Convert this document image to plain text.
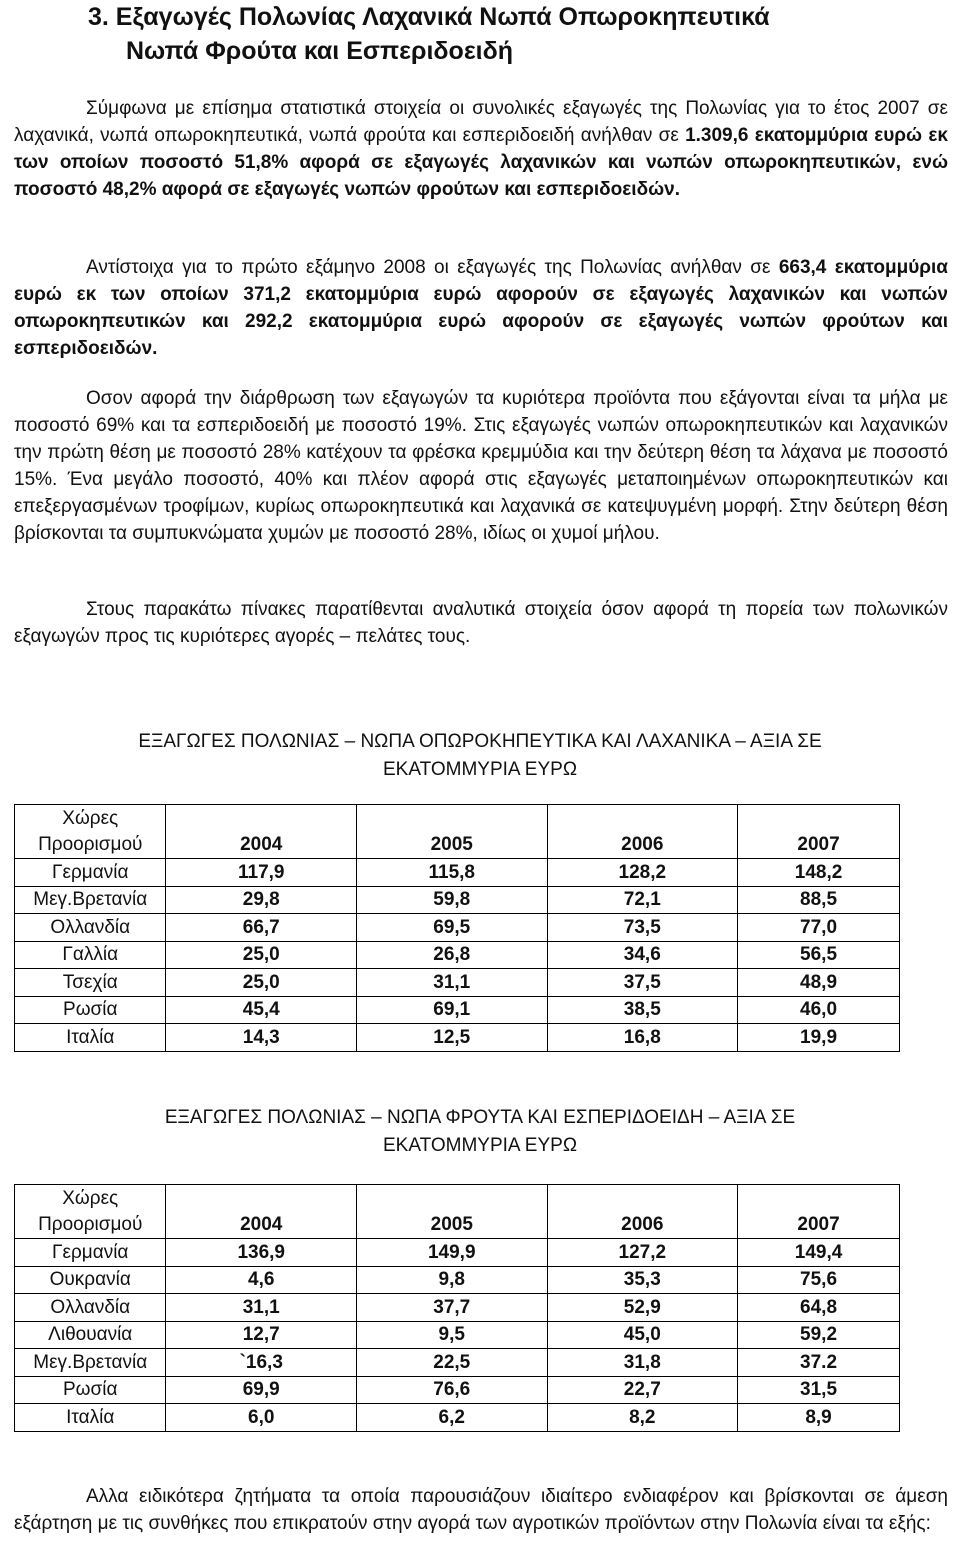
3. Εξαγωγές Πολωνίας Λαχανικά Νωπά Οπωροκηπευτικά
Νωπά Φρούτα και Εσπεριδοειδή
Σύμφωνα με επίσημα στατιστικά στοιχεία οι συνολικές εξαγωγές της Πολωνίας για το έτος 2007 σε λαχανικά, νωπά οπωροκηπευτικά, νωπά φρούτα και εσπεριδοειδή ανήλθαν σε 1.309,6 εκατομμύρια ευρώ εκ των οποίων ποσοστό 51,8% αφορά σε εξαγωγές λαχανικών και νωπών οπωροκηπευτικών, ενώ ποσοστό 48,2% αφορά σε εξαγωγές νωπών φρούτων και εσπεριδοειδών.
Αντίστοιχα για το πρώτο εξάμηνο 2008 οι εξαγωγές της Πολωνίας ανήλθαν σε 663,4 εκατομμύρια ευρώ εκ των οποίων 371,2 εκατομμύρια ευρώ αφορούν σε εξαγωγές λαχανικών και νωπών οπωροκηπευτικών και 292,2 εκατομμύρια ευρώ αφορούν σε εξαγωγές νωπών φρούτων και εσπεριδοειδών.
Οσον αφορά την διάρθρωση των εξαγωγών τα κυριότερα προϊόντα που εξάγονται είναι τα μήλα με ποσοστό 69% και τα εσπεριδοειδή με ποσοστό 19%. Στις εξαγωγές νωπών οπωροκηπευτικών και λαχανικών την πρώτη θέση με ποσοστό 28% κατέχουν τα φρέσκα κρεμμύδια και την δεύτερη θέση τα λάχανα με ποσοστό 15%. Ένα μεγάλο ποσοστό, 40% και πλέον αφορά στις εξαγωγές μεταποιημένων οπωροκηπευτικών και επεξεργασμένων τροφίμων, κυρίως οπωροκηπευτικά και λαχανικά σε κατεψυγμένη μορφή. Στην δεύτερη θέση βρίσκονται τα συμπυκνώματα χυμών με ποσοστό 28%, ιδίως οι χυμοί μήλου.
Στους παρακάτω πίνακες παρατίθενται αναλυτικά στοιχεία όσον αφορά τη πορεία των πολωνικών εξαγωγών προς τις κυριότερες αγορές – πελάτες τους.
ΕΞΑΓΩΓΕΣ ΠΟΛΩΝΙΑΣ – ΝΩΠΑ ΟΠΩΡΟΚΗΠΕΥΤΙΚΑ ΚΑΙ ΛΑΧΑΝΙΚΑ – ΑΞΙΑ ΣΕ
ΕΚΑΤΟΜΜΥΡΙΑ ΕΥΡΩ
Χώρες Προορισμού	2004	2005	2006	2007
Γερμανία	117,9	115,8	128,2	148,2
Μεγ.Βρετανία	29,8	59,8	72,1	88,5
Ολλανδία	66,7	69,5	73,5	77,0
Γαλλία	25,0	26,8	34,6	56,5
Τσεχία	25,0	31,1	37,5	48,9
Ρωσία	45,4	69,1	38,5	46,0
Ιταλία	14,3	12,5	16,8	19,9
ΕΞΑΓΩΓΕΣ ΠΟΛΩΝΙΑΣ – ΝΩΠΑ ΦΡΟΥΤΑ ΚΑΙ ΕΣΠΕΡΙΔΟΕΙΔΗ – ΑΞΙΑ ΣΕ
ΕΚΑΤΟΜΜΥΡΙΑ ΕΥΡΩ
Χώρες Προορισμού	2004	2005	2006	2007
Γερμανία	136,9	149,9	127,2	149,4
Ουκρανία	4,6	9,8	35,3	75,6
Ολλανδία	31,1	37,7	52,9	64,8
Λιθουανία	12,7	9,5	45,0	59,2
Μεγ.Βρετανία	`16,3	22,5	31,8	37.2
Ρωσία	69,9	76,6	22,7	31,5
Ιταλία	6,0	6,2	8,2	8,9
Αλλα ειδικότερα ζητήματα τα οποία παρουσιάζουν ιδιαίτερο ενδιαφέρον και βρίσκονται σε άμεση εξάρτηση με τις συνθήκες που επικρατούν στην αγορά των αγροτικών προϊόντων στην Πολωνία είναι τα εξής:
